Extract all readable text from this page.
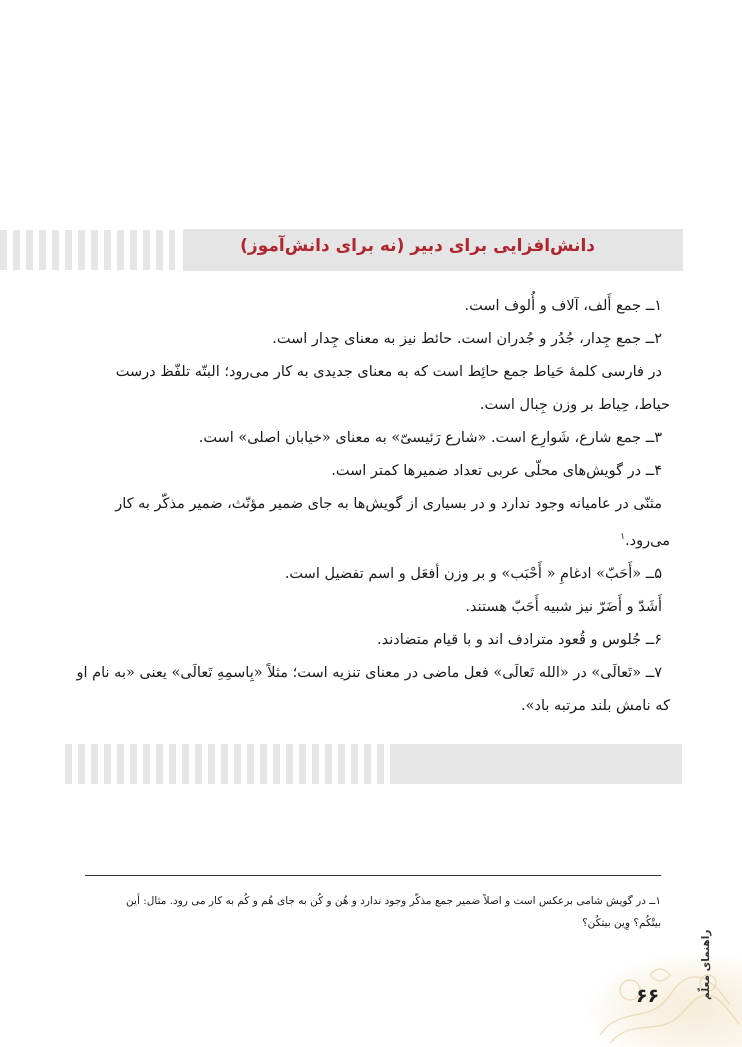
دانش‌افزایی برای دبیر (نه برای دانش‌آموز)

۱ــ جمع أَلف، آلاف و أُلوف است.

۲ــ جمع جِدار، جُدُر و جُدران است. حائط نیز به معنای جِدار است.

در فارسی کلمهٔ حَیاط جمع حائِط است که به معنای جدیدی به کار می‌رود؛ البتّه تلفّظ درست

حیاط، حِیاط بر وزن جِبال است.

۳ــ جمع شارع، شَوارِع است. «شارع رَئیسیّ» به معنای «خیابان اصلی» است.

۴ــ در گویش‌های محلّی عربی تعداد ضمیرها کمتر است.

مثنّی در عامیانه وجود ندارد و در بسیاری از گویش‌ها به جای ضمیر مؤنّث، ضمیر مذکّر به کار

می‌رود.$^۱$

۵ــ «أَحَبّ» ادغامِ « أَحْبَب» و بر وزن أفعَل و اسم تفضیل است.

أَشَدّ و أَضَرّ نیز شبیه أَحَبّ هستند.

۶ــ جُلوس و قُعود مترادف اند و با قیام متضادند.

۷ــ «تَعالَی» در «الله تَعالَی» فعل ماضی در معنای تنزیه است؛ مثلاً «بِاسمِهِ تَعالَی» یعنی «به نام او

که نامش بلند مرتبه باد».

۱ــ در گویش شامی برعکس است و اصلاً ضمیر جمع مذکّر وجود ندارد و هُن و کُن به جای هُم و کُم به کار می رود. مثال: أین
بیتْکُم؟ وِین بیتکُن؟
۶۶	راهنمای معلّم
